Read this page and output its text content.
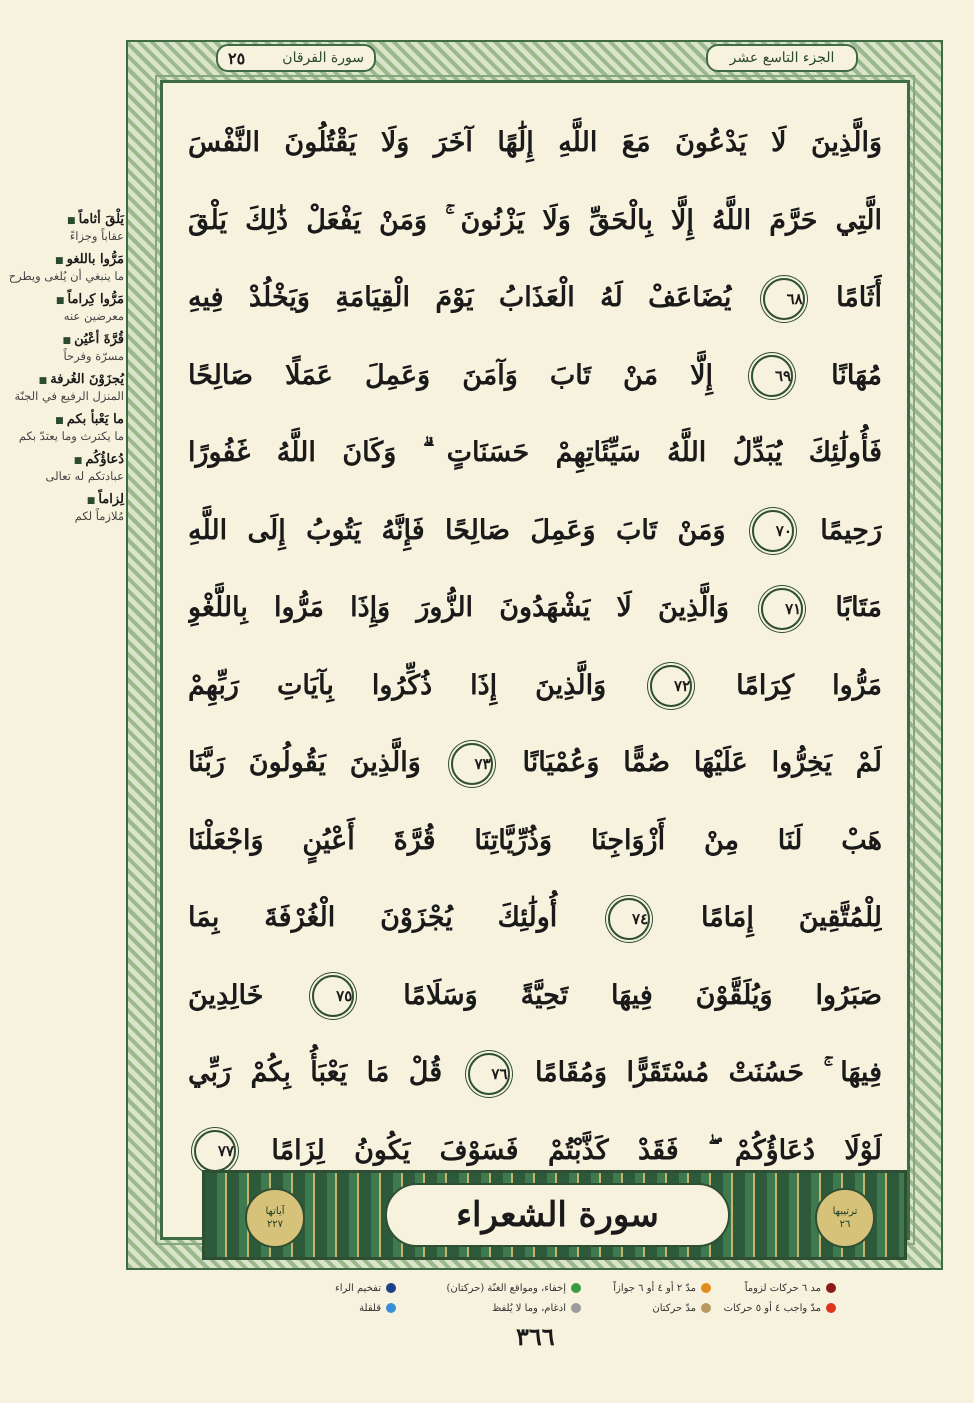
الجزء التاسع عشر
سورة الفرقان
٢٥
وَالَّذِينَ لَا يَدْعُونَ مَعَ اللَّهِ إِلَٰهًا آخَرَ وَلَا يَقْتُلُونَ النَّفْسَ
الَّتِي حَرَّمَ اللَّهُ إِلَّا بِالْحَقِّ وَلَا يَزْنُونَ ۚ وَمَنْ يَفْعَلْ ذَٰلِكَ يَلْقَ
أَثَامًا ٦٨ يُضَاعَفْ لَهُ الْعَذَابُ يَوْمَ الْقِيَامَةِ وَيَخْلُدْ فِيهِ
مُهَانًا ٦٩ إِلَّا مَنْ تَابَ وَآمَنَ وَعَمِلَ عَمَلًا صَالِحًا
فَأُولَٰئِكَ يُبَدِّلُ اللَّهُ سَيِّئَاتِهِمْ حَسَنَاتٍ ۗ وَكَانَ اللَّهُ غَفُورًا
رَحِيمًا ٧٠ وَمَنْ تَابَ وَعَمِلَ صَالِحًا فَإِنَّهُ يَتُوبُ إِلَى اللَّهِ
مَتَابًا ٧١ وَالَّذِينَ لَا يَشْهَدُونَ الزُّورَ وَإِذَا مَرُّوا بِاللَّغْوِ
مَرُّوا كِرَامًا ٧٢ وَالَّذِينَ إِذَا ذُكِّرُوا بِآيَاتِ رَبِّهِمْ
لَمْ يَخِرُّوا عَلَيْهَا صُمًّا وَعُمْيَانًا ٧٣ وَالَّذِينَ يَقُولُونَ رَبَّنَا
هَبْ لَنَا مِنْ أَزْوَاجِنَا وَذُرِّيَّاتِنَا قُرَّةَ أَعْيُنٍ وَاجْعَلْنَا
لِلْمُتَّقِينَ إِمَامًا ٧٤ أُولَٰئِكَ يُجْزَوْنَ الْغُرْفَةَ بِمَا
صَبَرُوا وَيُلَقَّوْنَ فِيهَا تَحِيَّةً وَسَلَامًا ٧٥ خَالِدِينَ
فِيهَا ۚ حَسُنَتْ مُسْتَقَرًّا وَمُقَامًا ٧٦ قُلْ مَا يَعْبَأُ بِكُمْ رَبِّي
لَوْلَا دُعَاؤُكُمْ ۖ فَقَدْ كَذَّبْتُمْ فَسَوْفَ يَكُونُ لِزَامًا ٧٧
ترتيبها
٢٦
سورة الشعراء
آياتها
٢٢٧
يَلْقَ أثاماً ■
عقاباً وجزاءً
مَرُّوا باللغو ■
ما ينبغي أن يُلغى ويطرح
مَرُّوا كِراماً ■
معرضين عنه
قُرَّةَ أعْيُن ■
مسرّة وفرحاً
يُجزَوْنَ الغُرفة ■
المنزل الرفيع في الجنّة
ما يَعْبأ بكم ■
ما يكترث وما يعتدّ بكم
دُعاؤُكُم ■
عبادتكم له تعالى
لِزاماً ■
مُلازماً لكم
مد ٦ حركات لزوماً
مدّ واجب ٤ أو ٥ حركات
مدّ ٢ أو ٤ أو ٦ جوازاً
مدّ حركتان
إخفاء، ومواقع الغنّة (حركتان)
ادغام، وما لا يُلفظ
تفخيم الراء
قلقلة
٣٦٦
